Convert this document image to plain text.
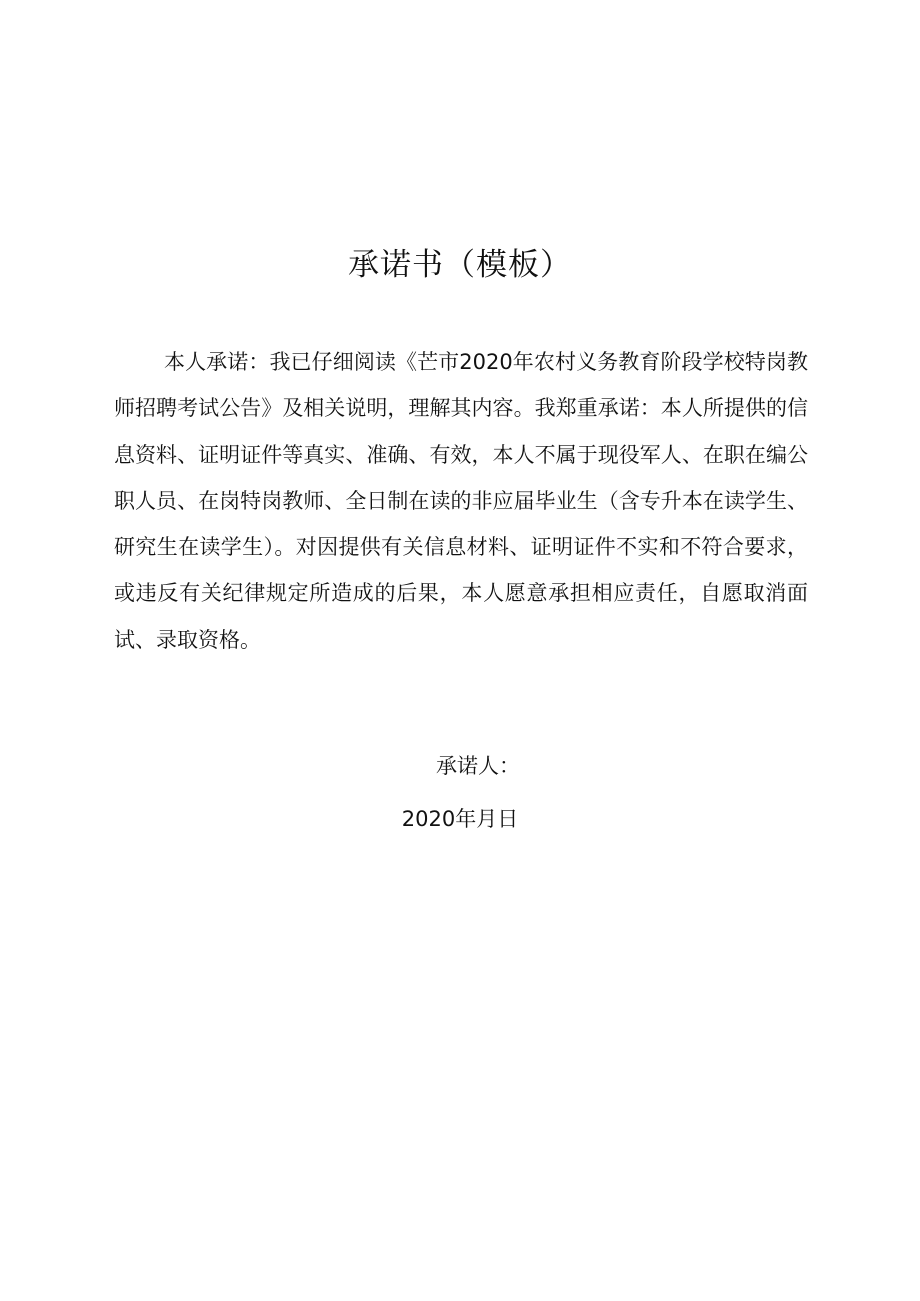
承诺书（模板）

本人承诺：我已仔细阅读《芒市2020年农村义务教育阶段学校特岗教师招聘考试公告》及相关说明，理解其内容。我郑重承诺：本人所提供的信息资料、证明证件等真实、准确、有效，本人不属于现役军人、在职在编公职人员、在岗特岗教师、全日制在读的非应届毕业生（含专升本在读学生、研究生在读学生）。对因提供有关信息材料、证明证件不实和不符合要求，或违反有关纪律规定所造成的后果，本人愿意承担相应责任，自愿取消面试、录取资格。

承诺人：
2020年月日
